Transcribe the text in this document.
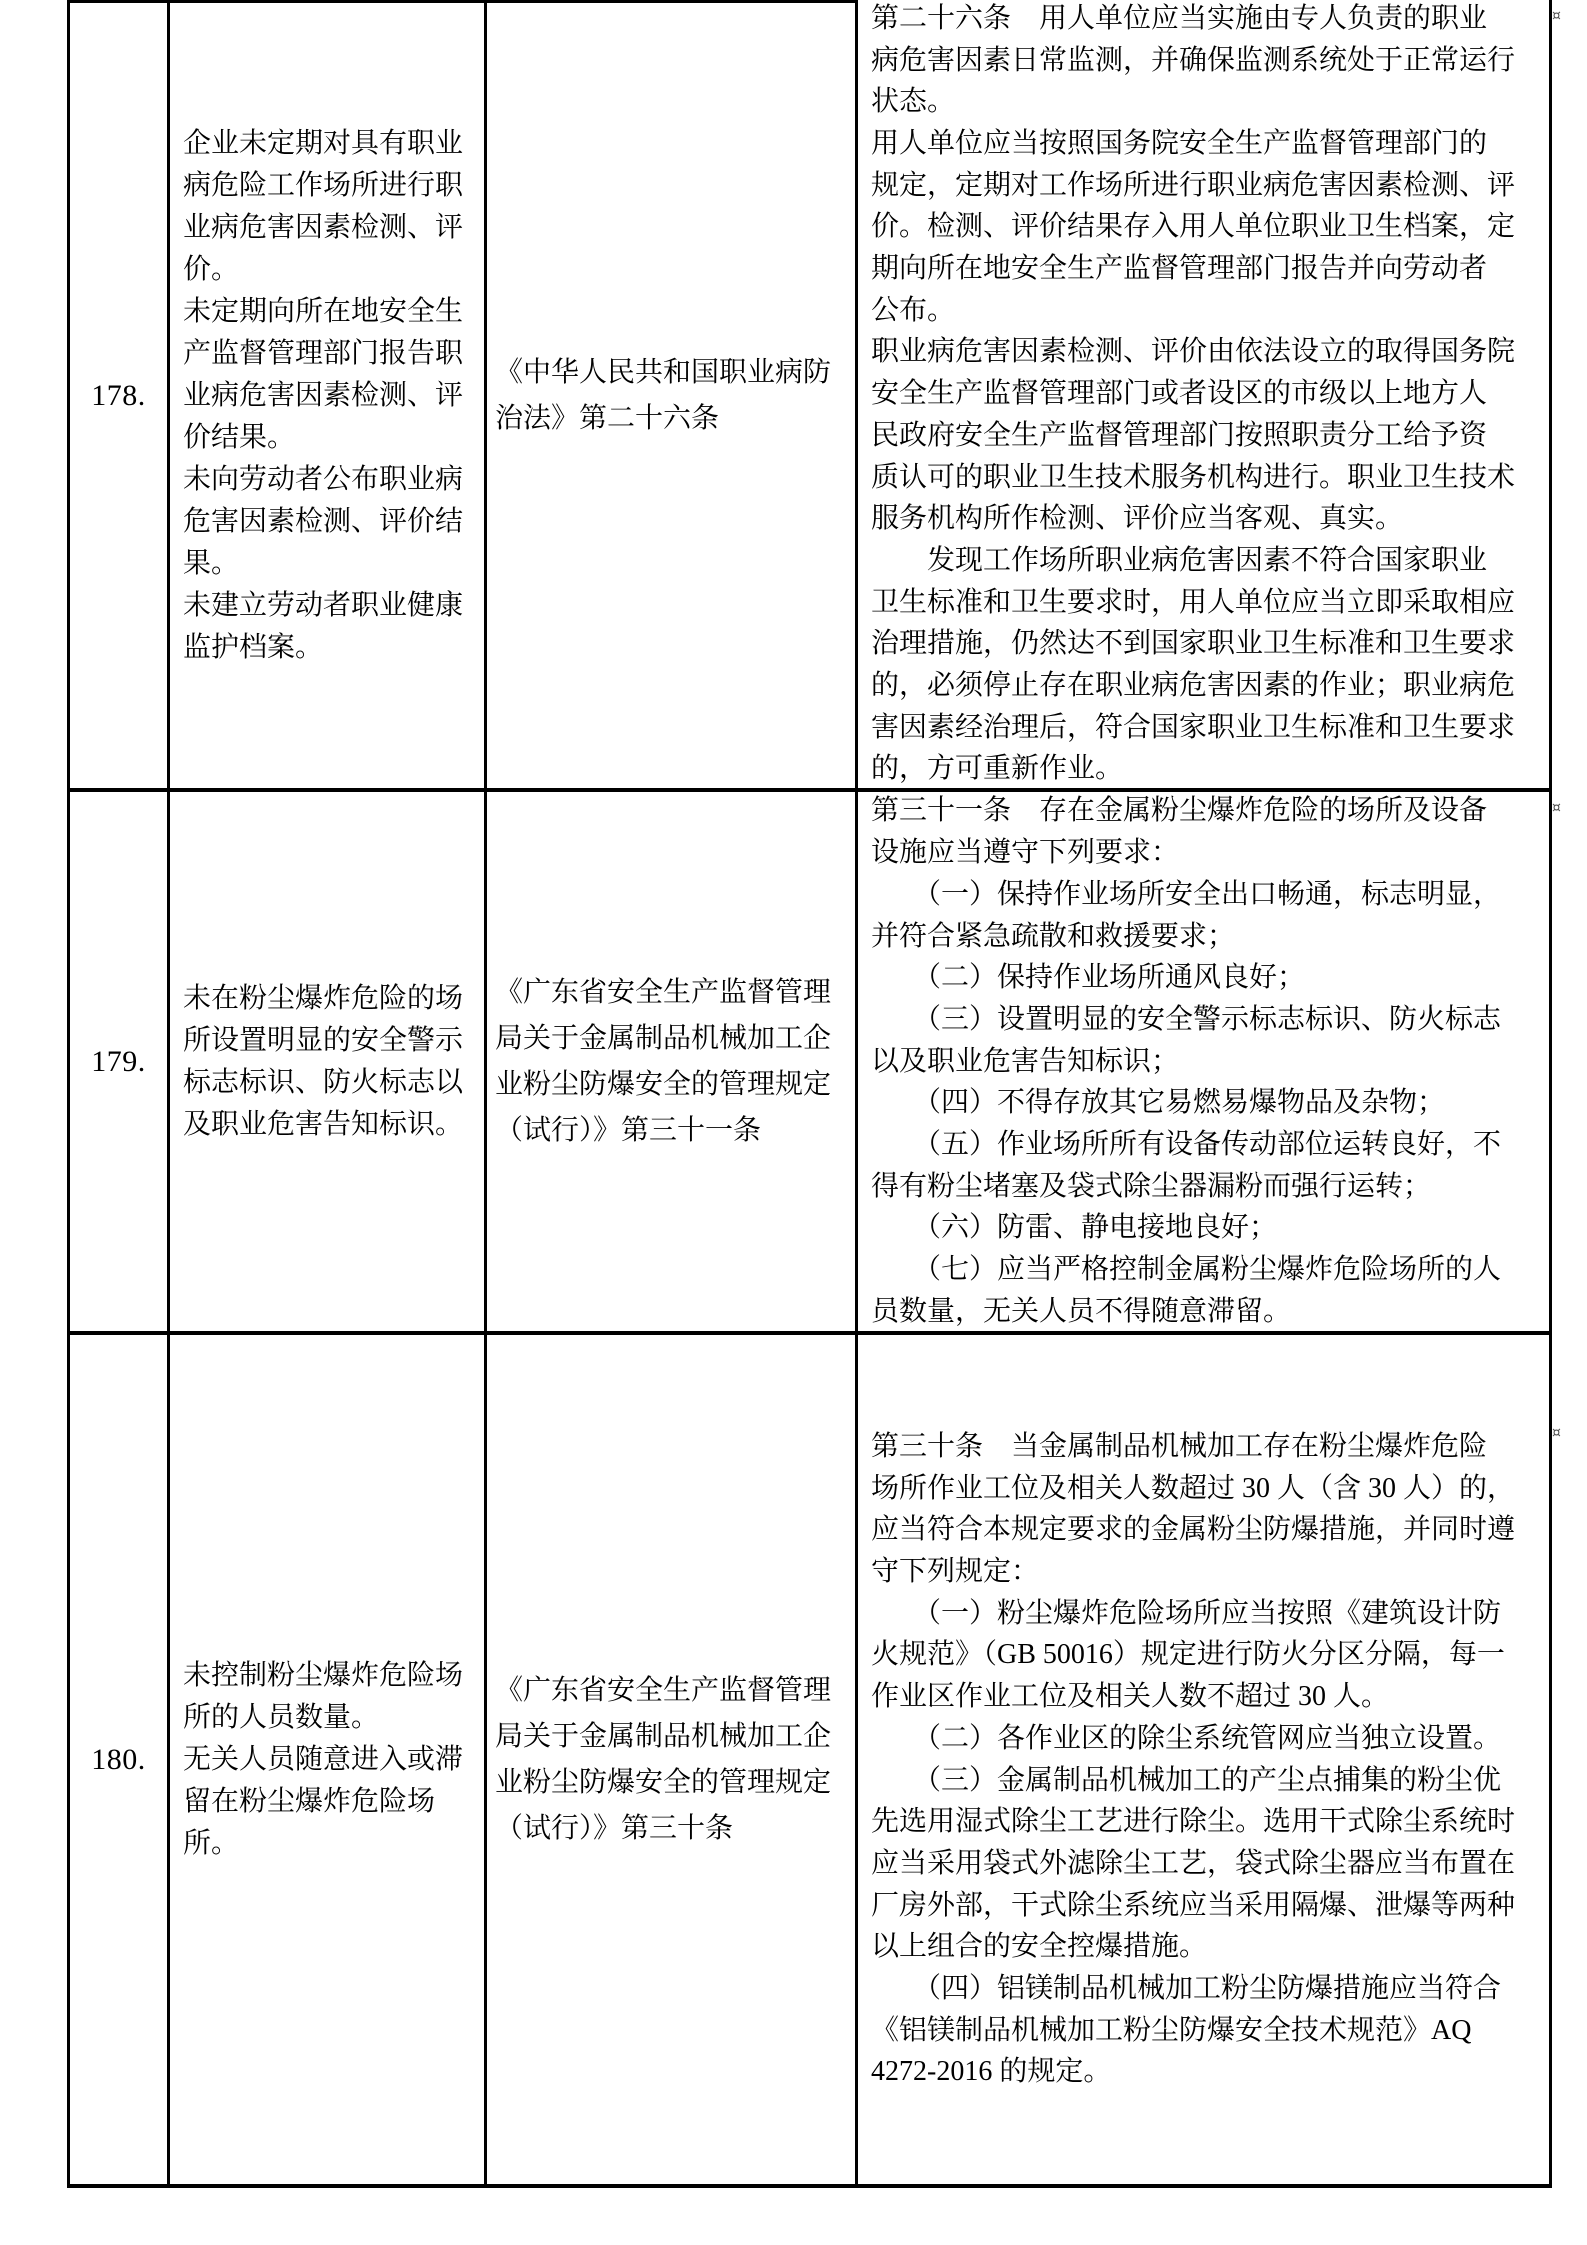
178.
企业未定期对具有职业
病危险工作场所进行职
业病危害因素检测、评
价。
未定期向所在地安全生
产监督管理部门报告职
业病危害因素检测、评
价结果。
未向劳动者公布职业病
危害因素检测、评价结
果。
未建立劳动者职业健康
监护档案。
《中华人民共和国职业病防
治法》第二十六条
第二十六条　用人单位应当实施由专人负责的职业
病危害因素日常监测，并确保监测系统处于正常运行
状态。
用人单位应当按照国务院安全生产监督管理部门的
规定，定期对工作场所进行职业病危害因素检测、评
价。检测、评价结果存入用人单位职业卫生档案，定
期向所在地安全生产监督管理部门报告并向劳动者
公布。
职业病危害因素检测、评价由依法设立的取得国务院
安全生产监督管理部门或者设区的市级以上地方人
民政府安全生产监督管理部门按照职责分工给予资
质认可的职业卫生技术服务机构进行。职业卫生技术
服务机构所作检测、评价应当客观、真实。
　　发现工作场所职业病危害因素不符合国家职业
卫生标准和卫生要求时，用人单位应当立即采取相应
治理措施，仍然达不到国家职业卫生标准和卫生要求
的，必须停止存在职业病危害因素的作业；职业病危
害因素经治理后，符合国家职业卫生标准和卫生要求
的，方可重新作业。
179.
未在粉尘爆炸危险的场
所设置明显的安全警示
标志标识、防火标志以
及职业危害告知标识。
《广东省安全生产监督管理
局关于金属制品机械加工企
业粉尘防爆安全的管理规定
（试行）》第三十一条
第三十一条　存在金属粉尘爆炸危险的场所及设备
设施应当遵守下列要求：
　　（一）保持作业场所安全出口畅通，标志明显，
并符合紧急疏散和救援要求；
　　（二）保持作业场所通风良好；
　　（三）设置明显的安全警示标志标识、防火标志
以及职业危害告知标识；
　　（四）不得存放其它易燃易爆物品及杂物；
　　（五）作业场所所有设备传动部位运转良好，不
得有粉尘堵塞及袋式除尘器漏粉而强行运转；
　　（六）防雷、静电接地良好；
　　（七）应当严格控制金属粉尘爆炸危险场所的人
员数量，无关人员不得随意滞留。
180.
未控制粉尘爆炸危险场
所的人员数量。
无关人员随意进入或滞
留在粉尘爆炸危险场
所。
《广东省安全生产监督管理
局关于金属制品机械加工企
业粉尘防爆安全的管理规定
（试行）》第三十条
第三十条　当金属制品机械加工存在粉尘爆炸危险
场所作业工位及相关人数超过 30 人（含 30 人）的，
应当符合本规定要求的金属粉尘防爆措施，并同时遵
守下列规定：
　　（一）粉尘爆炸危险场所应当按照《建筑设计防
火规范》（GB 50016）规定进行防火分区分隔，每一
作业区作业工位及相关人数不超过 30 人。
　　（二）各作业区的除尘系统管网应当独立设置。
　　（三）金属制品机械加工的产尘点捕集的粉尘优
先选用湿式除尘工艺进行除尘。选用干式除尘系统时
应当采用袋式外滤除尘工艺，袋式除尘器应当布置在
厂房外部，干式除尘系统应当采用隔爆、泄爆等两种
以上组合的安全控爆措施。
　　（四）铝镁制品机械加工粉尘防爆措施应当符合
《铝镁制品机械加工粉尘防爆安全技术规范》AQ
4272-2016 的规定。
¤
¤
¤
